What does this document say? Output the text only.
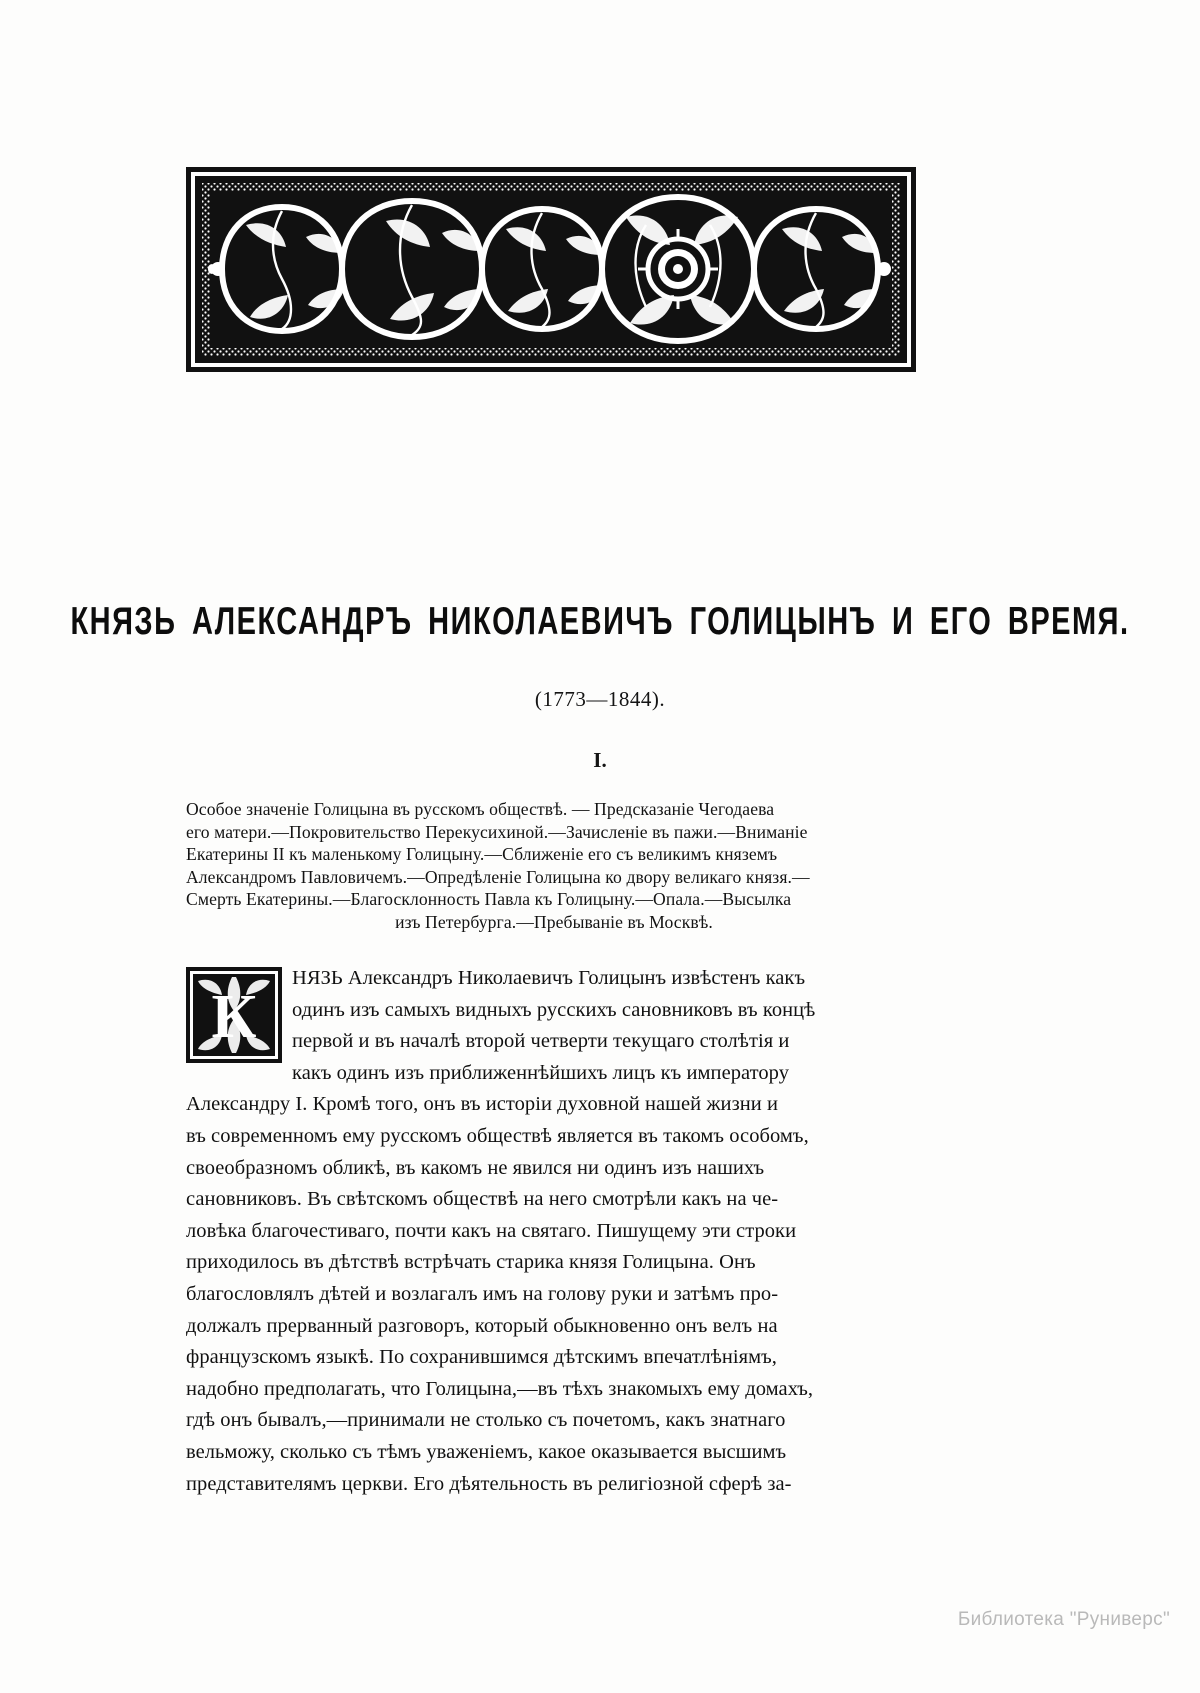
КНЯЗЬ АЛЕКСАНДРЪ НИКОЛАЕВИЧЪ ГОЛИЦЫНЪ И ЕГО ВРЕМЯ.
(1773—1844).
I.
Особое значеніе Голицына въ русскомъ обществѣ. — Предсказаніе Чегодаева
его матери.—Покровительство Перекусихиной.—Зачисленіе въ пажи.—Вниманіе
Екатерины II къ маленькому Голицыну.—Сближеніе его съ великимъ княземъ
Александромъ Павловичемъ.—Опредѣленіе Голицына ко двору великаго князя.—
Смерть Екатерины.—Благосклонность Павла къ Голицыну.—Опала.—Высылка
изъ Петербурга.—Пребываніе въ Москвѣ.
К

НЯЗЬ Александръ Николаевичъ Голицынъ извѣстенъ какъ
одинъ изъ самыхъ видныхъ русскихъ сановниковъ въ концѣ
первой и въ началѣ второй четверти текущаго столѣтія и
какъ одинъ изъ приближеннѣйшихъ лицъ къ императору
Александру I. Кромѣ того, онъ въ исторіи духовной нашей жизни и
въ современномъ ему русскомъ обществѣ является въ такомъ особомъ,
своеобразномъ обликѣ, въ какомъ не явился ни одинъ изъ нашихъ
сановниковъ. Въ свѣтскомъ обществѣ на него смотрѣли какъ на че-
ловѣка благочестиваго, почти какъ на святаго. Пишущему эти строки
приходилось въ дѣтствѣ встрѣчать старика князя Голицына. Онъ
благословлялъ дѣтей и возлагалъ имъ на голову руки и затѣмъ про-
должалъ прерванный разговоръ, который обыкновенно онъ велъ на
французскомъ языкѣ. По сохранившимся дѣтскимъ впечатлѣніямъ,
надобно предполагать, что Голицына,—въ тѣхъ знакомыхъ ему домахъ,
гдѣ онъ бывалъ,—принимали не столько съ почетомъ, какъ знатнаго
вельможу, сколько съ тѣмъ уваженіемъ, какое оказывается высшимъ
представителямъ церкви. Его дѣятельность въ религіозной сферѣ за-

Библиотека "Руниверс"
